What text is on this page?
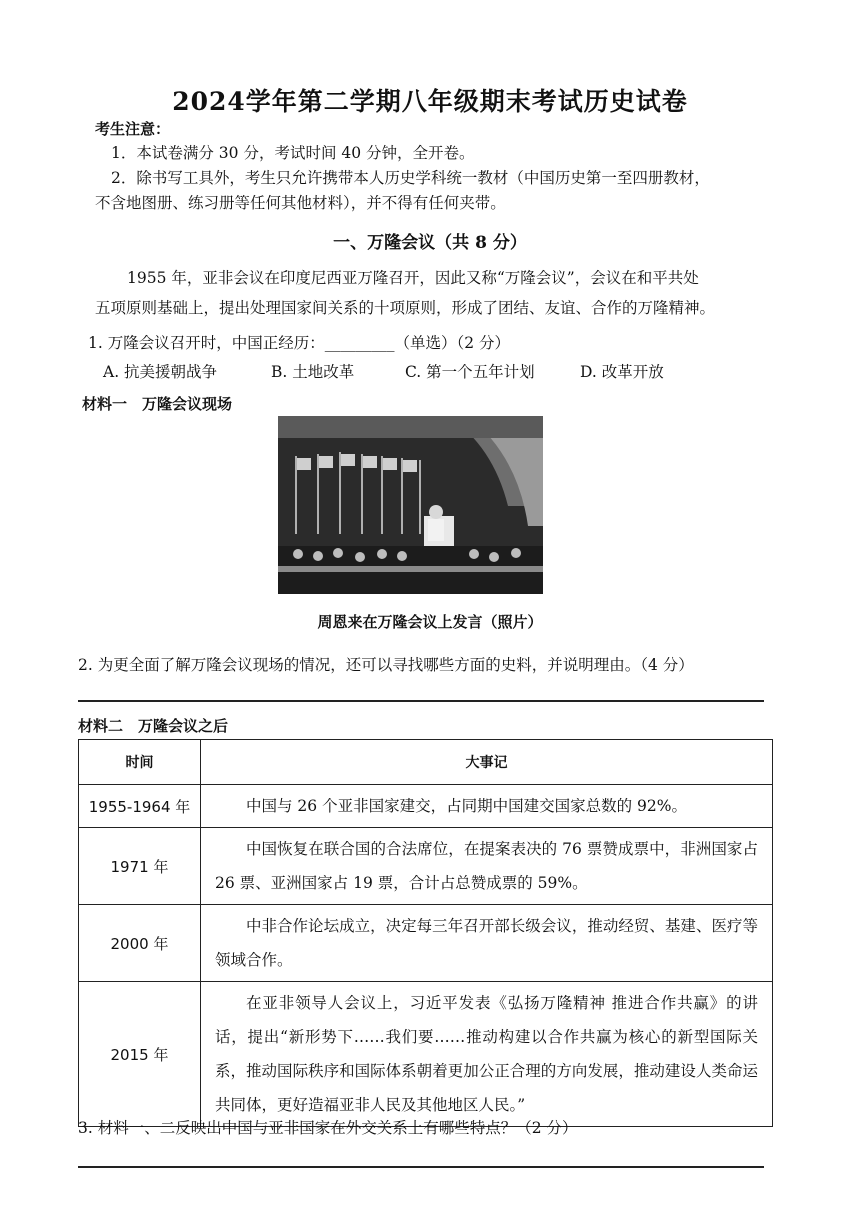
2024学年第二学期八年级期末考试历史试卷
考生注意：
1．本试卷满分 30 分，考试时间 40 分钟，全开卷。
2．除书写工具外，考生只允许携带本人历史学科统一教材（中国历史第一至四册教材，
不含地图册、练习册等任何其他材料），并不得有任何夹带。
一、万隆会议（共 8 分）
1955 年，亚非会议在印度尼西亚万隆召开，因此又称“万隆会议”，会议在和平共处
五项原则基础上，提出处理国家间关系的十项原则，形成了团结、友谊、合作的万隆精神。
1. 万隆会议召开时，中国正经历：_________（单选）（2 分）
A. 抗美援朝战争	B. 土地改革	C. 第一个五年计划	D. 改革开放
材料一　万隆会议现场
周恩来在万隆会议上发言（照片）
2. 为更全面了解万隆会议现场的情况，还可以寻找哪些方面的史料，并说明理由。（4 分）
材料二　万隆会议之后
时间	大事记
1955-1964 年	中国与 26 个亚非国家建交，占同期中国建交国家总数的 92%。
1971 年	中国恢复在联合国的合法席位，在提案表决的 76 票赞成票中，非洲国家占 26 票、亚洲国家占 19 票，合计占总赞成票的 59%。
2000 年	中非合作论坛成立，决定每三年召开部长级会议，推动经贸、基建、医疗等领域合作。
2015 年	在亚非领导人会议上，习近平发表《弘扬万隆精神 推进合作共赢》的讲话，提出“新形势下……我们要……推动构建以合作共赢为核心的新型国际关系，推动国际秩序和国际体系朝着更加公正合理的方向发展，推动建设人类命运共同体，更好造福亚非人民及其他地区人民。”
3. 材料一、二反映出中国与亚非国家在外交关系上有哪些特点？（2 分）
